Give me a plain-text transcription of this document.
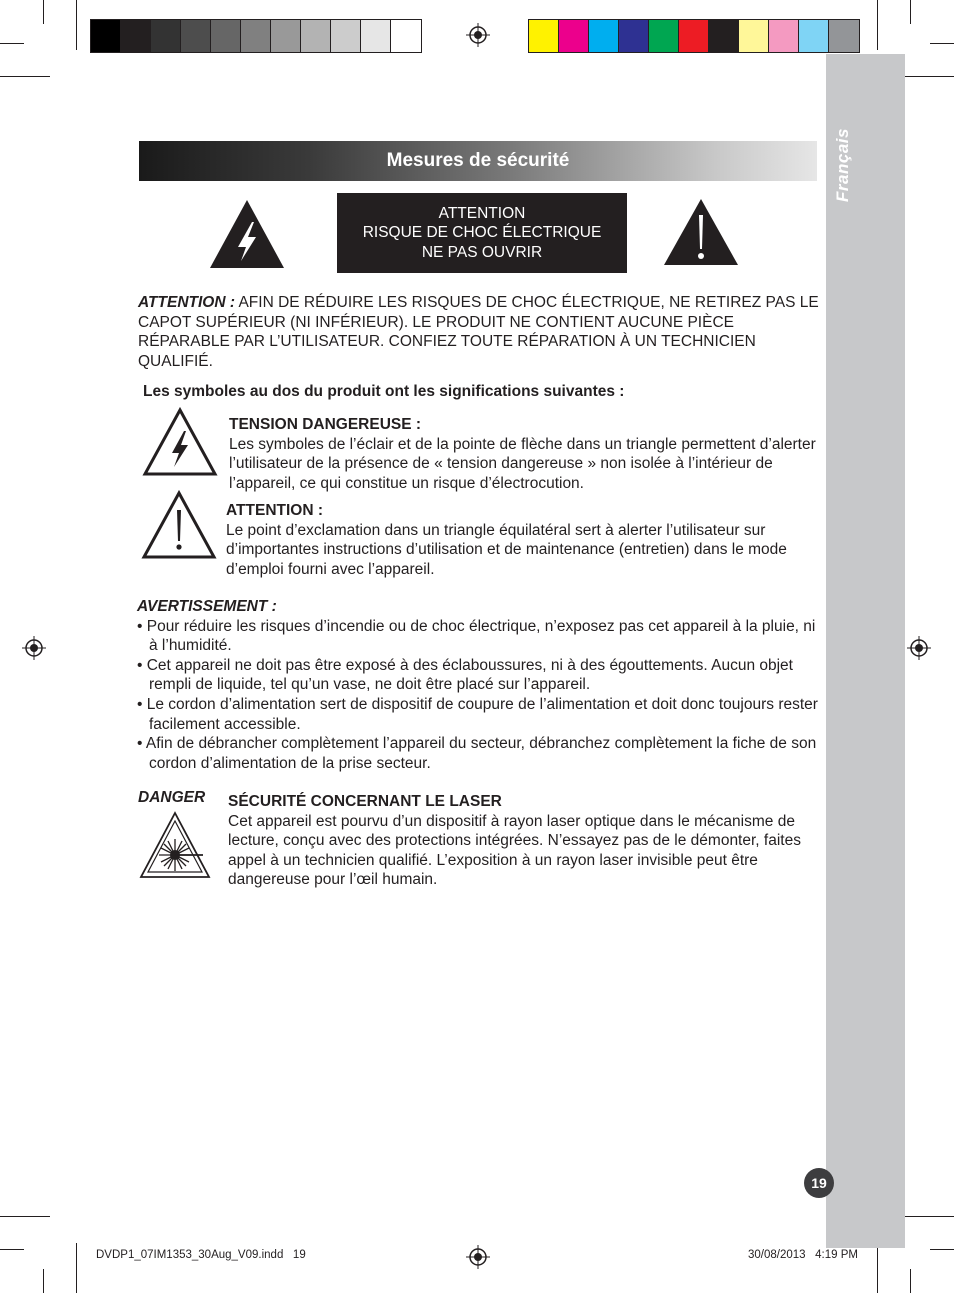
Français
19
Mesures de sécurité
ATTENTION
RISQUE DE CHOC ÉLECTRIQUE
NE PAS OUVRIR
ATTENTION : AFIN DE RÉDUIRE LES RISQUES DE CHOC ÉLECTRIQUE, NE RETIREZ PAS LE CAPOT SUPÉRIEUR (NI INFÉRIEUR). LE PRODUIT NE CONTIENT AUCUNE PIÈCE RÉPARABLE PAR L’UTILISATEUR. CONFIEZ TOUTE RÉPARATION À UN TECHNICIEN QUALIFIÉ.
Les symboles au dos du produit ont les significations suivantes :
TENSION DANGEREUSE :
Les symboles de l’éclair et de la pointe de flèche dans un triangle permettent d’alerter l’utilisateur de la présence de « tension dangereuse » non isolée à l’intérieur de l’appareil, ce qui constitue un risque d’électrocution.
ATTENTION :
Le point d’exclamation dans un triangle équilatéral sert à alerter l’utilisateur sur d’importantes instructions d’utilisation et de maintenance (entretien) dans le mode d’emploi fourni avec l’appareil.
AVERTISSEMENT :
• Pour réduire les risques d’incendie ou de choc électrique, n’exposez pas cet appareil à la pluie, ni à l’humidité.
• Cet appareil ne doit pas être exposé à des éclaboussures, ni à des égouttements. Aucun objet rempli de liquide, tel qu’un vase, ne doit être placé sur l’appareil.
• Le cordon d’alimentation sert de dispositif de coupure de l’alimentation et doit donc toujours rester facilement accessible.
• Afin de débrancher complètement l’appareil du secteur, débranchez complètement la fiche de son cordon d’alimentation de la prise secteur.
DANGER SÉCURITÉ CONCERNANT LE LASER
Cet appareil est pourvu d’un dispositif à rayon laser optique dans le mécanisme de lecture, conçu avec des protections intégrées. N’essayez pas de le démonter, faites appel à un technicien qualifié. L’exposition à un rayon laser invisible peut être dangereuse pour l’œil humain.
DVDP1_07IM1353_30Aug_V09.indd   19	30/08/2013   4:19 PM
